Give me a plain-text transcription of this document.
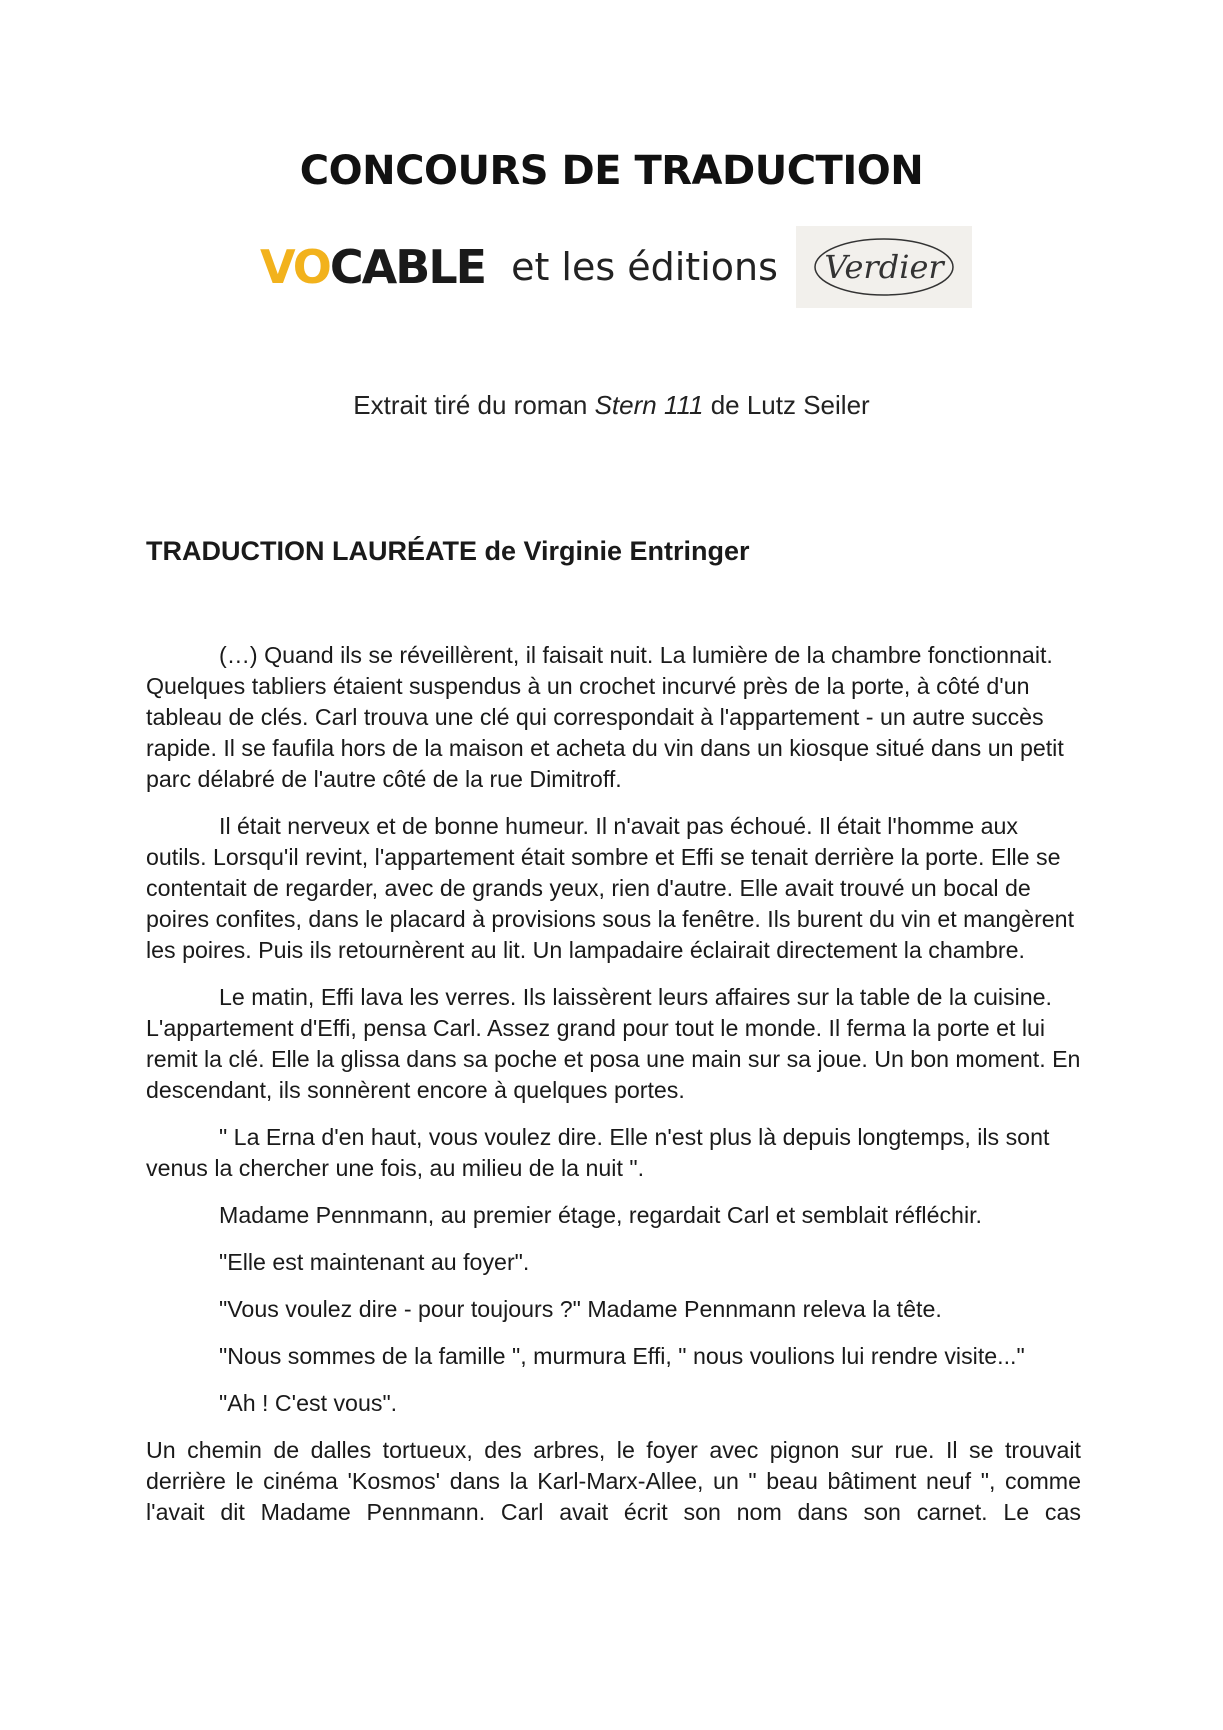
CONCOURS DE TRADUCTION
VOCABLE et les éditions Verdier
Extrait tiré du roman Stern 111 de Lutz Seiler
TRADUCTION LAURÉATE de Virginie Entringer

(…) Quand ils se réveillèrent, il faisait nuit. La lumière de la chambre fonctionnait. Quelques tabliers étaient suspendus à un crochet incurvé près de la porte, à côté d'un tableau de clés. Carl trouva une clé qui correspondait à l'appartement - un autre succès rapide. Il se faufila hors de la maison et acheta du vin dans un kiosque situé dans un petit parc délabré de l'autre côté de la rue Dimitroff.

Il était nerveux et de bonne humeur. Il n'avait pas échoué. Il était l'homme aux outils. Lorsqu'il revint, l'appartement était sombre et Effi se tenait derrière la porte. Elle se contentait de regarder, avec de grands yeux, rien d'autre. Elle avait trouvé un bocal de poires confites, dans le placard à provisions sous la fenêtre. Ils burent du vin et mangèrent les poires. Puis ils retournèrent au lit. Un lampadaire éclairait directement la chambre.

Le matin, Effi lava les verres. Ils laissèrent leurs affaires sur la table de la cuisine. L'appartement d'Effi, pensa Carl. Assez grand pour tout le monde. Il ferma la porte et lui remit la clé. Elle la glissa dans sa poche et posa une main sur sa joue. Un bon moment. En descendant, ils sonnèrent encore à quelques portes.

" La Erna d'en haut, vous voulez dire. Elle n'est plus là depuis longtemps, ils sont venus la chercher une fois, au milieu de la nuit ".

Madame Pennmann, au premier étage, regardait Carl et semblait réfléchir.

"Elle est maintenant au foyer".

"Vous voulez dire - pour toujours ?" Madame Pennmann releva la tête.

"Nous sommes de la famille ", murmura Effi, " nous voulions lui rendre visite..."

"Ah ! C'est vous".

Un chemin de dalles tortueux, des arbres, le foyer avec pignon sur rue. Il se trouvait derrière le cinéma 'Kosmos' dans la Karl-Marx-Allee, un " beau bâtiment neuf ", comme l'avait dit Madame Pennmann. Carl avait écrit son nom dans son carnet. Le cas
